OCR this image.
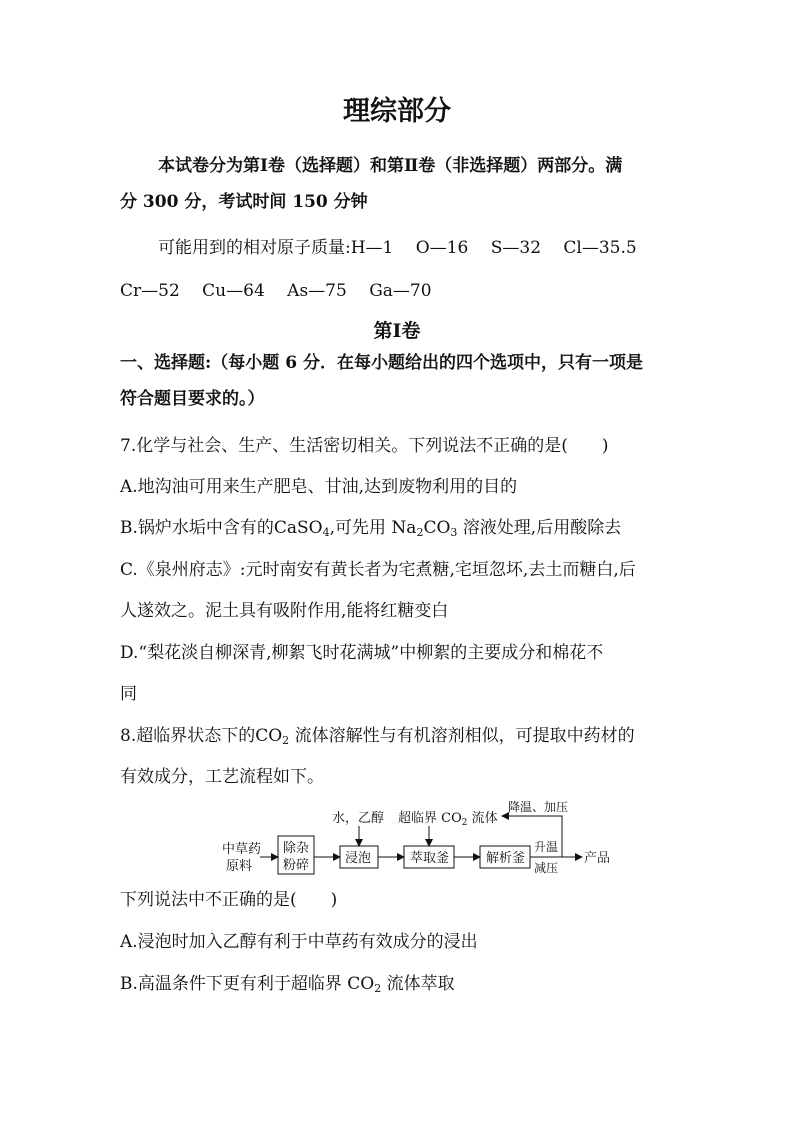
理综部分
本试卷分为第Ⅰ卷（选择题）和第Ⅱ卷（非选择题）两部分。满
分 300 分，考试时间 150 分钟
可能用到的相对原子质量:H—1　 O—16　 S—32　 Cl—35.5
Cr—52　 Cu—64　 As—75　 Ga—70
第Ⅰ卷
一、选择题:（每小题 6 分．在每小题给出的四个选项中，只有一项是
符合题目要求的。）
7.化学与社会、生产、生活密切相关。下列说法不正确的是(　　)
A.地沟油可用来生产肥皂、甘油,达到废物利用的目的
B.锅炉水垢中含有的CaSO$_4$,可先用 $Na_2CO_3$ 溶液处理,后用酸除去
C.《泉州府志》:元时南安有黄长者为宅煮糖,宅垣忽坏,去土而糖白,后
人遂效之。泥土具有吸附作用,能将红糖变白
D.“梨花淡自柳深青,柳絮飞时花满城”中柳絮的主要成分和棉花不
同
8.超临界状态下的$CO_2$ 流体溶解性与有机溶剂相似，可提取中药材的
有效成分，工艺流程如下。
中草药
原料
除杂
粉碎
水，乙醇
浸泡
超临界 $CO_2$ 流体
萃取釜	解析釜
降温、加压
升温
减压
产品
下列说法中不正确的是(　　)
A.浸泡时加入乙醇有利于中草药有效成分的浸出
B.高温条件下更有利于超临界 $CO_2$ 流体萃取
